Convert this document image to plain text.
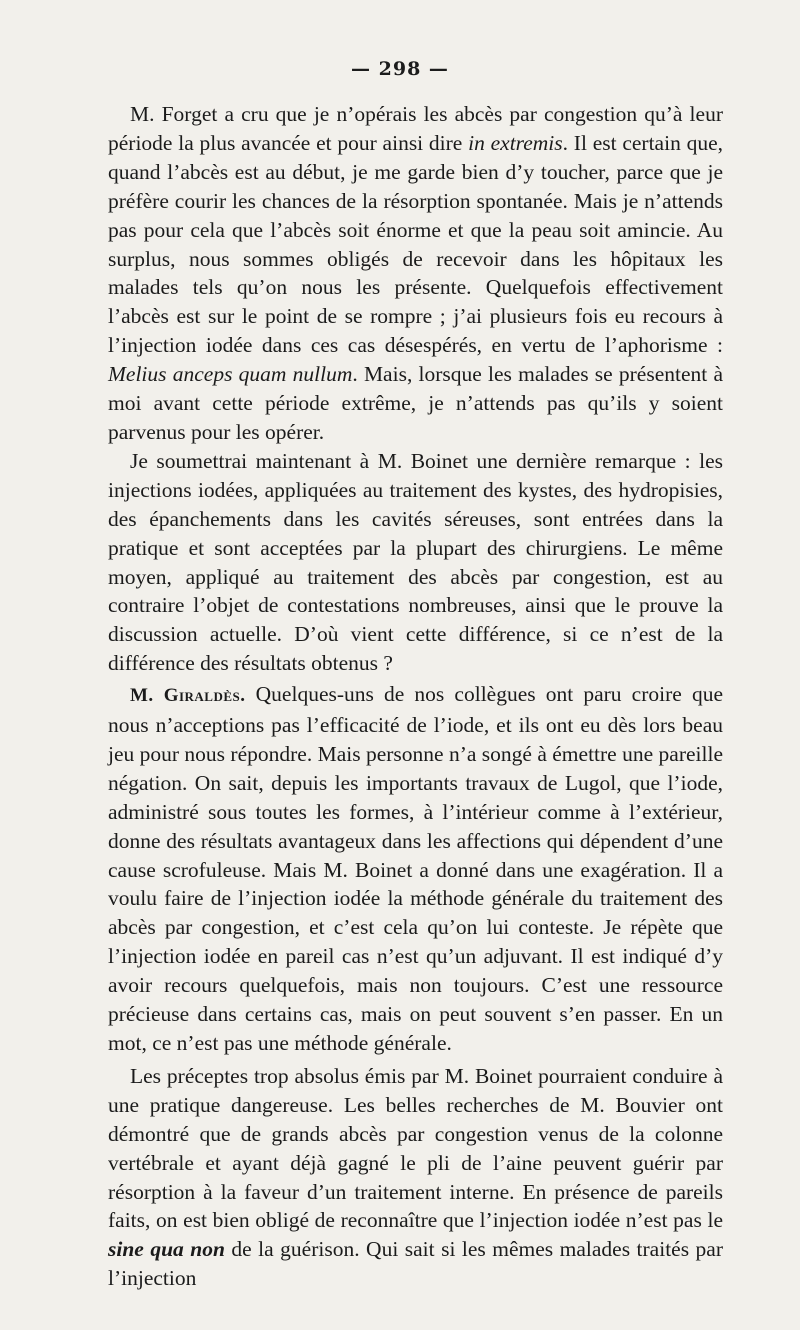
— 298 —

M. Forget a cru que je n’opérais les abcès par congestion qu’à leur période la plus avancée et pour ainsi dire in extremis. Il est certain que, quand l’abcès est au début, je me garde bien d’y toucher, parce que je préfère courir les chances de la résorption spontanée. Mais je n’attends pas pour cela que l’abcès soit énorme et que la peau soit amincie. Au surplus, nous sommes obligés de recevoir dans les hôpitaux les malades tels qu’on nous les présente. Quelquefois effectivement l’abcès est sur le point de se rompre ; j’ai plusieurs fois eu recours à l’injection iodée dans ces cas désespérés, en vertu de l’aphorisme : Melius anceps quam nullum. Mais, lorsque les malades se présentent à moi avant cette période extrême, je n’attends pas qu’ils y soient parvenus pour les opérer.

Je soumettrai maintenant à M. Boinet une dernière remarque : les injections iodées, appliquées au traitement des kystes, des hydropisies, des épanchements dans les cavités séreuses, sont entrées dans la pratique et sont acceptées par la plupart des chirurgiens. Le même moyen, appliqué au traitement des abcès par congestion, est au contraire l’objet de contestations nombreuses, ainsi que le prouve la discussion actuelle. D’où vient cette différence, si ce n’est de la différence des résultats obtenus ?

M. Giraldès. Quelques-uns de nos collègues ont paru croire que nous n’acceptions pas l’efficacité de l’iode, et ils ont eu dès lors beau jeu pour nous répondre. Mais personne n’a songé à émettre une pareille négation. On sait, depuis les importants travaux de Lugol, que l’iode, administré sous toutes les formes, à l’intérieur comme à l’extérieur, donne des résultats avantageux dans les affections qui dépendent d’une cause scrofuleuse. Mais M. Boinet a donné dans une exagération. Il a voulu faire de l’injection iodée la méthode générale du traitement des abcès par congestion, et c’est cela qu’on lui conteste. Je répète que l’injection iodée en pareil cas n’est qu’un adjuvant. Il est indiqué d’y avoir recours quelquefois, mais non toujours. C’est une ressource précieuse dans certains cas, mais on peut souvent s’en passer. En un mot, ce n’est pas une méthode générale.

Les préceptes trop absolus émis par M. Boinet pourraient conduire à une pratique dangereuse. Les belles recherches de M. Bouvier ont démontré que de grands abcès par congestion venus de la colonne vertébrale et ayant déjà gagné le pli de l’aine peuvent guérir par résorption à la faveur d’un traitement interne. En présence de pareils faits, on est bien obligé de reconnaître que l’injection iodée n’est pas le sine qua non de la guérison. Qui sait si les mêmes malades traités par l’injection
